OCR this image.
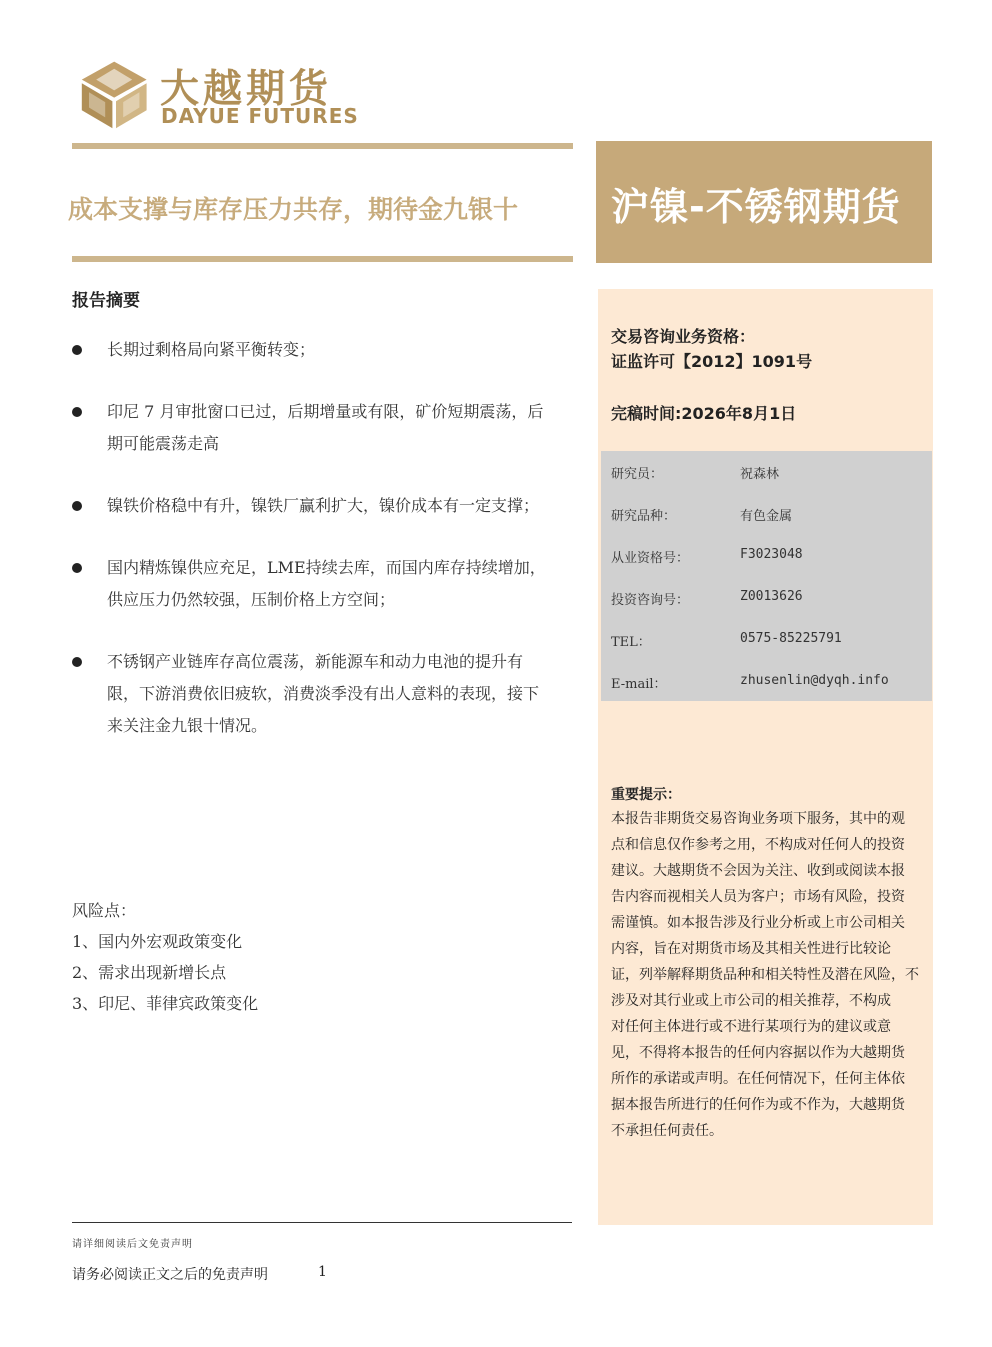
大越期货
DAYUE FUTURES
成本支撑与库存压力共存，期待金九银十	沪镍-不锈钢期货
报告摘要
长期过剩格局向紧平衡转变；
印尼 7 月审批窗口已过，后期增量或有限，矿价短期震荡，后
期可能震荡走高
镍铁价格稳中有升，镍铁厂赢利扩大，镍价成本有一定支撑；
国内精炼镍供应充足，LME持续去库，而国内库存持续增加，
供应压力仍然较强，压制价格上方空间；
不锈钢产业链库存高位震荡，新能源车和动力电池的提升有
限，下游消费依旧疲软，消费淡季没有出人意料的表现，接下
来关注金九银十情况。
风险点：
1、国内外宏观政策变化
2、需求出现新增长点
3、印尼、菲律宾政策变化
交易咨询业务资格：
证监许可【2012】1091号
完稿时间:2026年8月1日
研究员：	祝森林
研究品种：	有色金属
从业资格号：	F3023048
投资咨询号：	Z0013626
TEL：	0575-85225791
E-mail：	zhusenlin@dyqh.info
重要提示：
本报告非期货交易咨询业务项下服务，其中的观
点和信息仅作参考之用，不构成对任何人的投资
建议。大越期货不会因为关注、收到或阅读本报
告内容而视相关人员为客户；市场有风险，投资
需谨慎。如本报告涉及行业分析或上市公司相关
内容，旨在对期货市场及其相关性进行比较论
证，列举解释期货品种和相关特性及潜在风险，不
涉及对其行业或上市公司的相关推荐，不构成
对任何主体进行或不进行某项行为的建议或意
见，不得将本报告的任何内容据以作为大越期货
所作的承诺或声明。在任何情况下，任何主体依
据本报告所进行的任何作为或不作为，大越期货
不承担任何责任。
请详细阅读后文免责声明
请务必阅读正文之后的免责声明	1
